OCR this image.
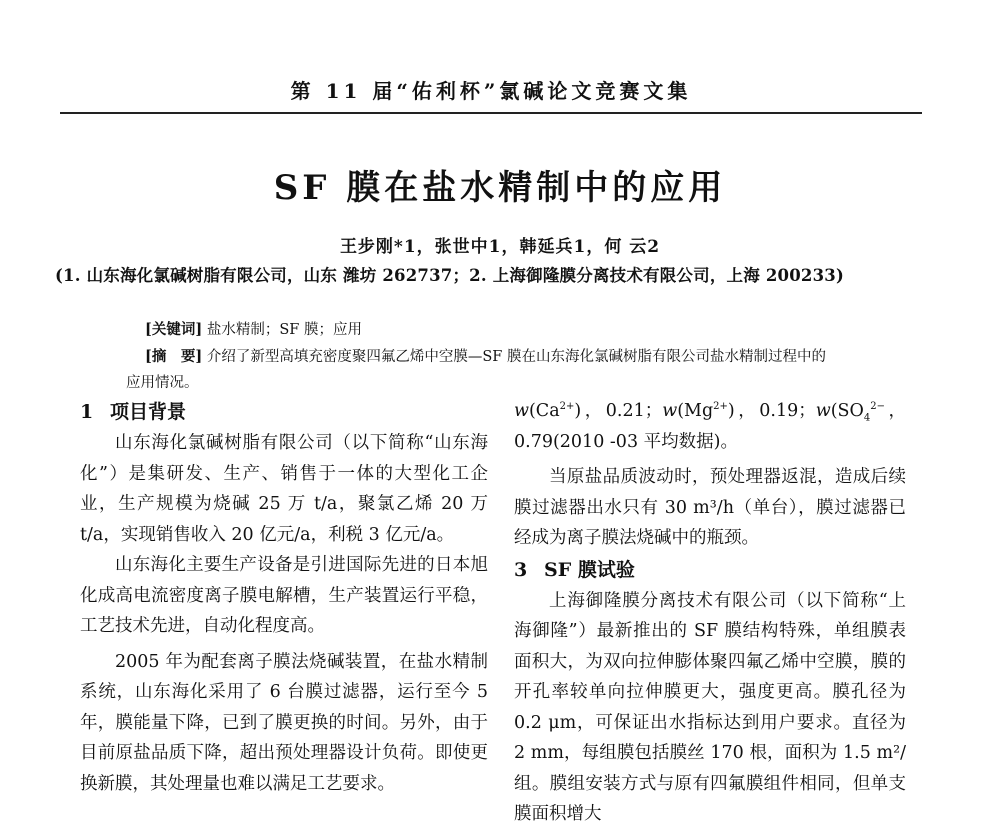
第 11 届“佑利杯”氯碱论文竞赛文集
SF 膜在盐水精制中的应用
王步刚*1，张世中1，韩延兵1，何 云2
(1. 山东海化氯碱树脂有限公司，山东 潍坊 262737；2. 上海御隆膜分离技术有限公司，上海 200233)
[关键词] 盐水精制；SF 膜；应用
[摘　要] 介绍了新型高填充密度聚四氟乙烯中空膜—SF 膜在山东海化氯碱树脂有限公司盐水精制过程中的
应用情况。

1 项目背景

山东海化氯碱树脂有限公司（以下简称“山东海化”）是集研发、生产、销售于一体的大型化工企业，生产规模为烧碱 25 万 t/a，聚氯乙烯 20 万 t/a，实现销售收入 20 亿元/a，利税 3 亿元/a。

山东海化主要生产设备是引进国际先进的日本旭化成高电流密度离子膜电解槽，生产装置运行平稳，工艺技术先进，自动化程度高。

2005 年为配套离子膜法烧碱装置，在盐水精制系统，山东海化采用了 6 台膜过滤器，运行至今 5 年，膜能量下降，已到了膜更换的时间。另外，由于目前原盐品质下降，超出预处理器设计负荷。即使更换新膜，其处理量也难以满足工艺要求。

$w(Ca^{2+})$，0.21；$w(Mg^{2+})$，0.19；$w(SO_4^{2-}$，0.79(2010 -03 平均数据)。

当原盐品质波动时，预处理器返混，造成后续膜过滤器出水只有 30 m³/h（单台），膜过滤器已经成为离子膜法烧碱中的瓶颈。

3 SF 膜试验

上海御隆膜分离技术有限公司（以下简称“上海御隆”）最新推出的 SF 膜结构特殊，单组膜表面积大，为双向拉伸膨体聚四氟乙烯中空膜，膜的开孔率较单向拉伸膜更大，强度更高。膜孔径为 0.2 μm，可保证出水指标达到用户要求。直径为 2 mm，每组膜包括膜丝 170 根，面积为 1.5 m²/组。膜组安装方式与原有四氟膜组件相同，但单支膜面积增大
